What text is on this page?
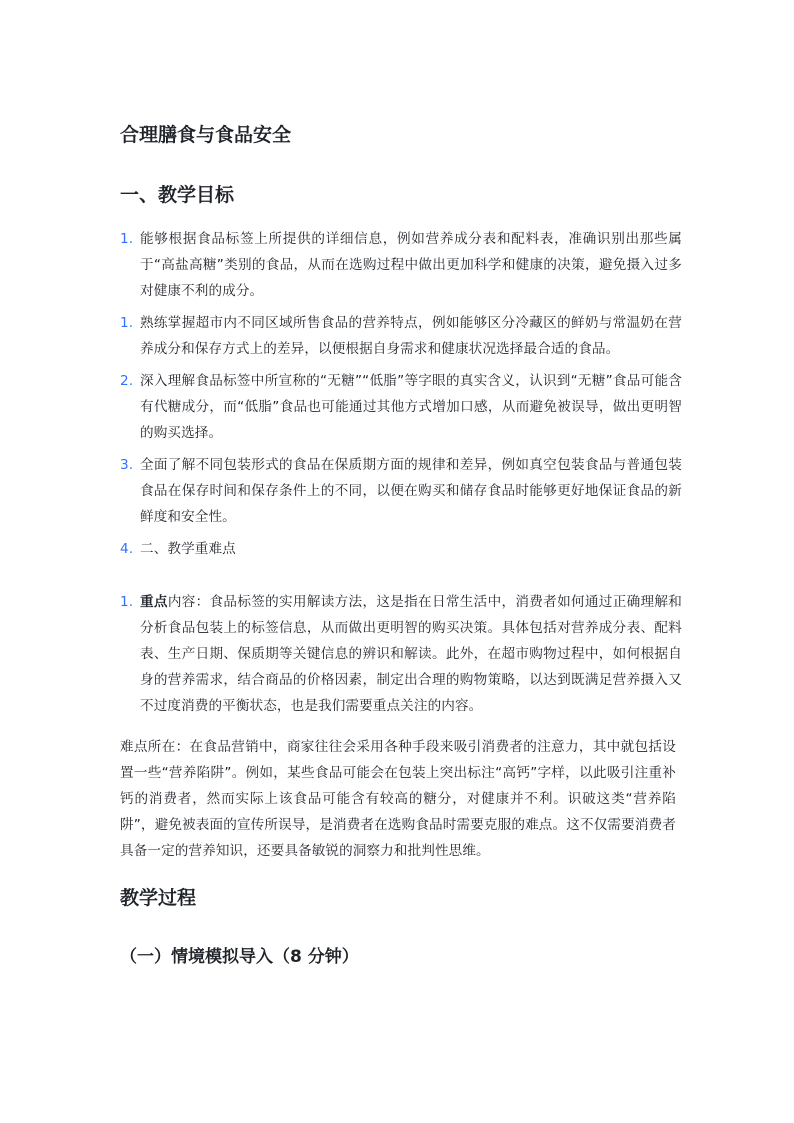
合理膳食与食品安全
一、教学目标
1. 能够根据食品标签上所提供的详细信息，例如营养成分表和配料表，准确识别出那些属于“高盐高糖”类别的食品，从而在选购过程中做出更加科学和健康的决策，避免摄入过多对健康不利的成分。
1. 熟练掌握超市内不同区域所售食品的营养特点，例如能够区分冷藏区的鲜奶与常温奶在营养成分和保存方式上的差异，以便根据自身需求和健康状况选择最合适的食品。
2. 深入理解食品标签中所宣称的“无糖”“低脂”等字眼的真实含义，认识到“无糖”食品可能含有代糖成分，而“低脂”食品也可能通过其他方式增加口感，从而避免被误导，做出更明智的购买选择。
3. 全面了解不同包装形式的食品在保质期方面的规律和差异，例如真空包装食品与普通包装食品在保存时间和保存条件上的不同，以便在购买和储存食品时能够更好地保证食品的新鲜度和安全性。
4. 二、教学重难点
1. 重点内容：食品标签的实用解读方法，这是指在日常生活中，消费者如何通过正确理解和分析食品包装上的标签信息，从而做出更明智的购买决策。具体包括对营养成分表、配料表、生产日期、保质期等关键信息的辨识和解读。此外，在超市购物过程中，如何根据自身的营养需求，结合商品的价格因素，制定出合理的购物策略，以达到既满足营养摄入又不过度消费的平衡状态，也是我们需要重点关注的内容。
难点所在：在食品营销中，商家往往会采用各种手段来吸引消费者的注意力，其中就包括设置一些“营养陷阱”。例如，某些食品可能会在包装上突出标注“高钙”字样，以此吸引注重补钙的消费者，然而实际上该食品可能含有较高的糖分，对健康并不利。识破这类“营养陷阱”，避免被表面的宣传所误导，是消费者在选购食品时需要克服的难点。这不仅需要消费者具备一定的营养知识，还要具备敏锐的洞察力和批判性思维。
教学过程
（一）情境模拟导入（8 分钟）
